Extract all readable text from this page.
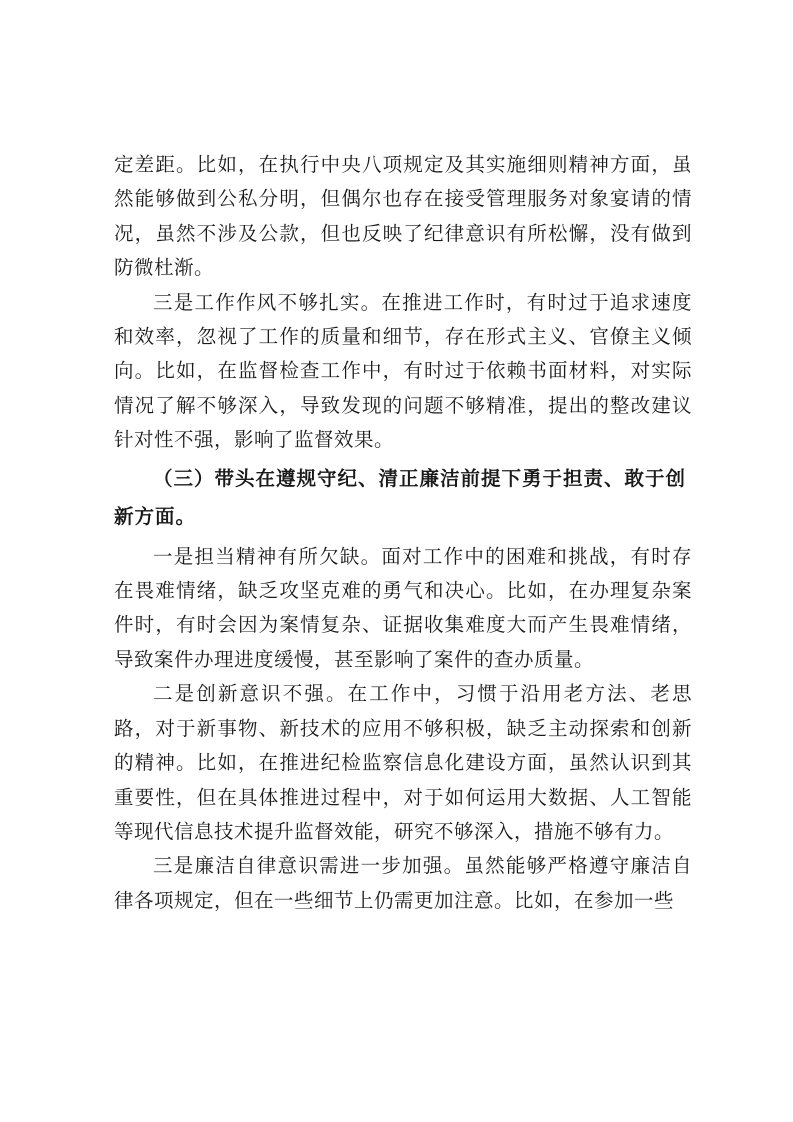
定差距。比如，在执行中央八项规定及其实施细则精神方面，虽然能够做到公私分明，但偶尔也存在接受管理服务对象宴请的情况，虽然不涉及公款，但也反映了纪律意识有所松懈，没有做到防微杜渐。

三是工作作风不够扎实。在推进工作时，有时过于追求速度和效率，忽视了工作的质量和细节，存在形式主义、官僚主义倾向。比如，在监督检查工作中，有时过于依赖书面材料，对实际情况了解不够深入，导致发现的问题不够精准，提出的整改建议针对性不强，影响了监督效果。

（三）带头在遵规守纪、清正廉洁前提下勇于担责、敢于创新方面。

一是担当精神有所欠缺。面对工作中的困难和挑战，有时存在畏难情绪，缺乏攻坚克难的勇气和决心。比如，在办理复杂案件时，有时会因为案情复杂、证据收集难度大而产生畏难情绪，导致案件办理进度缓慢，甚至影响了案件的查办质量。

二是创新意识不强。在工作中，习惯于沿用老方法、老思路，对于新事物、新技术的应用不够积极，缺乏主动探索和创新的精神。比如，在推进纪检监察信息化建设方面，虽然认识到其重要性，但在具体推进过程中，对于如何运用大数据、人工智能等现代信息技术提升监督效能，研究不够深入，措施不够有力。

三是廉洁自律意识需进一步加强。虽然能够严格遵守廉洁自律各项规定，但在一些细节上仍需更加注意。比如，在参加一些
